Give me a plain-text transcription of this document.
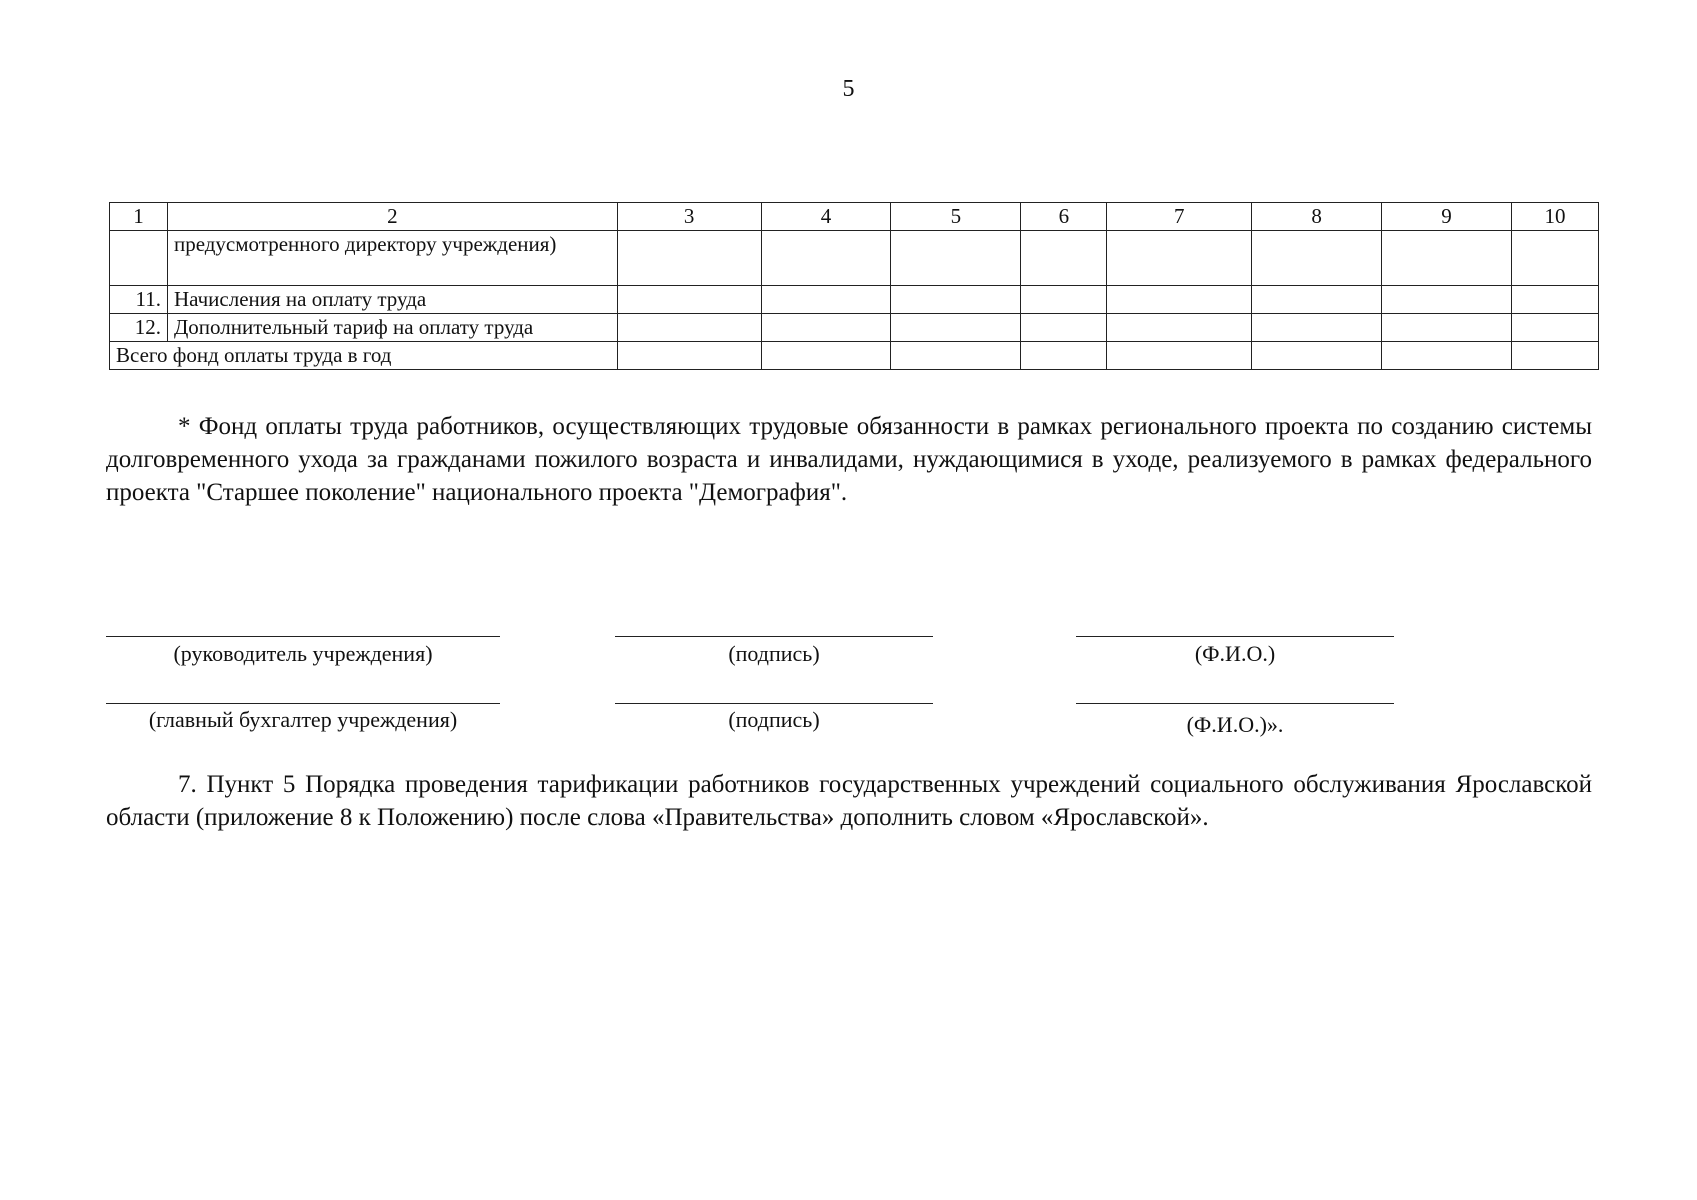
5
1	2	3	4	5	6	7	8	9	10
	предусмотренного директору учреждения)								
11.	Начисления на оплату труда								
12.	Дополнительный тариф на оплату труда								
Всего фонд оплаты труда в год									
* Фонд оплаты труда работников, осуществляющих трудовые обязанности в рамках регионального проекта по созданию системы долговременного ухода за гражданами пожилого возраста и инвалидами, нуждающимися в уходе, реализуемого в рамках федерального проекта "Старшее поколение" национального проекта "Демография".
(руководитель учреждения)	(подпись)	(Ф.И.О.)
(главный бухгалтер учреждения)	(подпись)	(Ф.И.О.)».
7. Пункт 5 Порядка проведения тарификации работников государственных учреждений социального обслуживания Ярославской области (приложение 8 к Положению) после слова «Правительства» дополнить словом «Ярославской».
